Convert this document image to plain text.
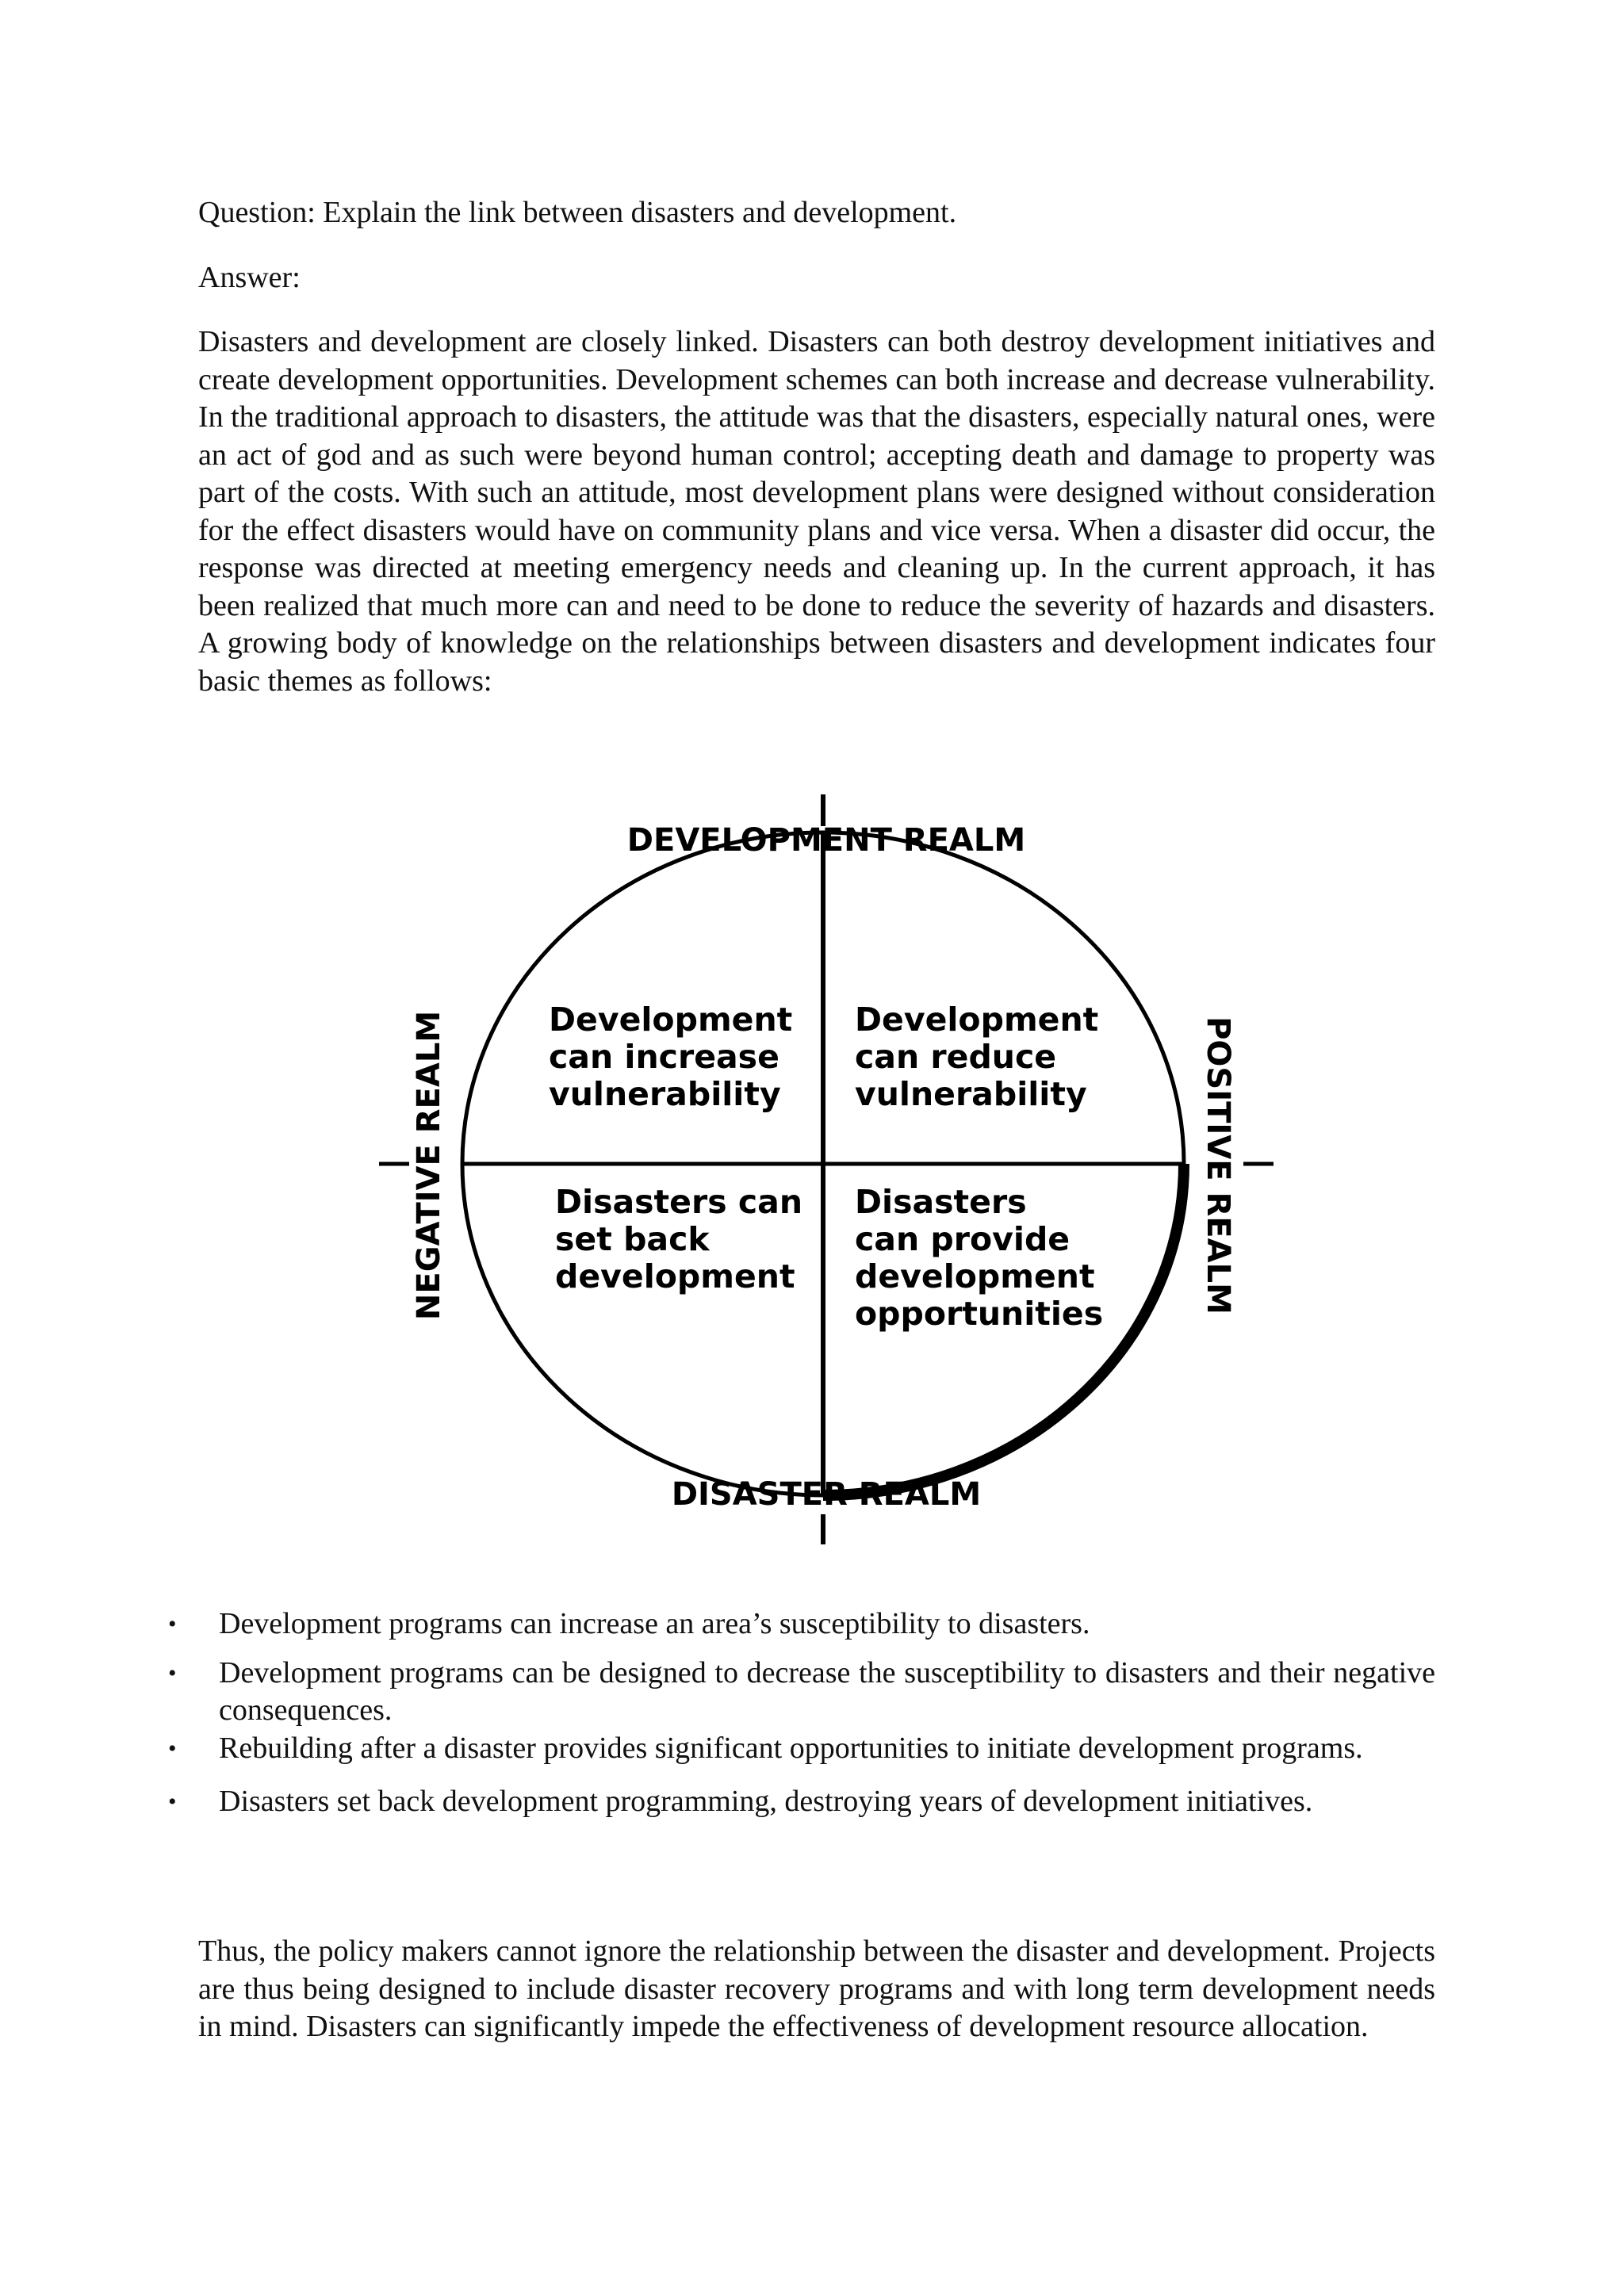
Question: Explain the link between disasters and development.
Answer:
Disasters and development are closely linked. Disasters can both destroy development initiatives and create development opportunities. Development schemes can both increase and decrease vulnerability. In the traditional approach to disasters, the attitude was that the disasters, especially natural ones, were an act of god and as such were beyond human control; accepting death and damage to property was part of the costs. With such an attitude, most development plans were designed without consideration for the effect disasters would have on community plans and vice versa. When a disaster did occur, the response was directed at meeting emergency needs and cleaning up. In the current approach, it has been realized that much more can and need to be done to reduce the severity of hazards and disasters. A growing body of knowledge on the relationships between disasters and development indicates four basic themes as follows:
DEVELOPMENT REALM
DISASTER REALM
NEGATIVE REALM	POSITIVE REALM
Development
can increase
vulnerability
Development
can reduce
vulnerability
Disasters can
set back
development
Disasters
can provide
development
opportunities
• Development programs can increase an area’s susceptibility to disasters.
• Development programs can be designed to decrease the susceptibility to disasters and their negative consequences.
• Rebuilding after a disaster provides significant opportunities to initiate development programs.
• Disasters set back development programming, destroying years of development initiatives.
Thus, the policy makers cannot ignore the relationship between the disaster and development. Projects are thus being designed to include disaster recovery programs and with long term development needs in mind. Disasters can significantly impede the effectiveness of development resource allocation.
